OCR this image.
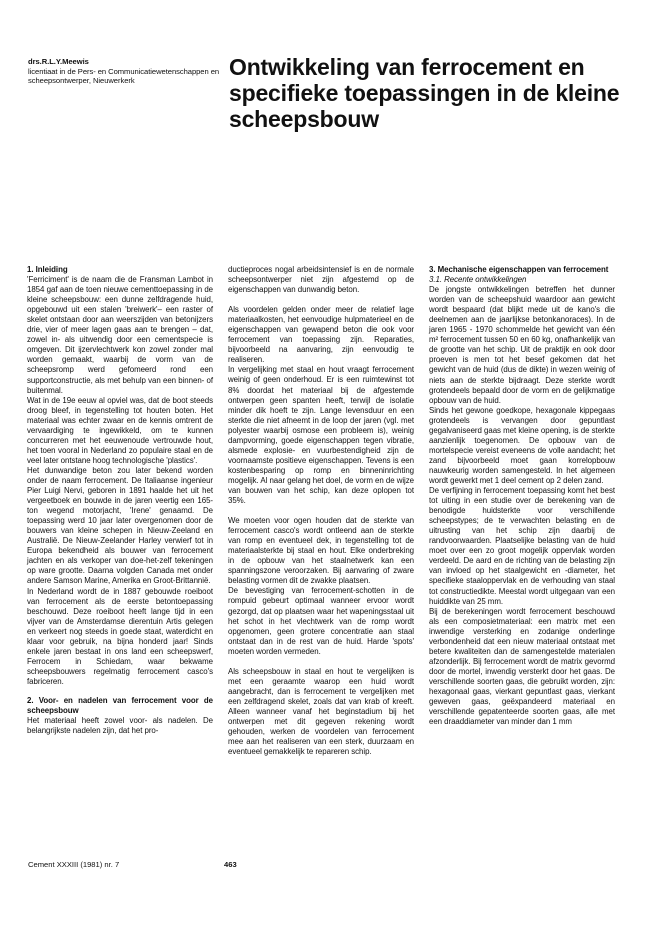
drs.R.L.Y.Meewis
licentiaat in de Pers- en Communicatiewetenschappen en scheepsontwerper, Nieuwerkerk
Ontwikkeling van ferrocement en specifieke toepassingen in de kleine scheepsbouw

1. Inleiding

'Ferriciment' is de naam die de Fransman Lambot in 1854 gaf aan de toen nieuwe cementtoepassing in de kleine scheepsbouw: een dunne zelfdragende huid, opgebouwd uit een stalen 'breiwerk'– een raster of skelet ontstaan door aan weerszijden van betonijzers drie, vier of meer lagen gaas aan te brengen – dat, zowel in- als uitwendig door een cementspecie is omgeven. Dit ijzervlechtwerk kon zowel zonder mal worden gemaakt, waarbij de vorm van de scheepsromp werd gefomeerd rond een supportconstructie, als met behulp van een binnen- of buitenmal.

Wat in de 19e eeuw al opviel was, dat de boot steeds droog bleef, in tegenstelling tot houten boten. Het materiaal was echter zwaar en de kennis omtrent de vervaardiging te ingewikkeld, om te kunnen concurreren met het eeuwenoude vertrouwde hout, het toen vooral in Nederland zo populaire staal en de veel later ontstane hoog technologische 'plastics'.

Het dunwandige beton zou later bekend worden onder de naam ferrocement. De Italiaanse ingenieur Pier Luigi Nervi, geboren in 1891 haalde het uit het vergeetboek en bouwde in de jaren veertig een 165-ton wegend motorjacht, 'Irene' genaamd. De toepassing werd 10 jaar later overgenomen door de bouwers van kleine schepen in Nieuw-Zeeland en Australië. De Nieuw-Zeelander Harley verwierf tot in Europa bekendheid als bouwer van ferrocement jachten en als verkoper van doe-het-zelf tekeningen op ware grootte. Daarna volgden Canada met onder andere Samson Marine, Amerika en Groot-Brittannië.

In Nederland wordt de in 1887 gebouwde roeiboot van ferrocement als de eerste betontoepassing beschouwd. Deze roeiboot heeft lange tijd in een vijver van de Amsterdamse dierentuin Artis gelegen en verkeert nog steeds in goede staat, waterdicht en klaar voor gebruik, na bijna honderd jaar! Sinds enkele jaren bestaat in ons land een scheepswerf, Ferrocem in Schiedam, waar bekwame scheepsbouwers regelmatig ferrocement casco's fabriceren.

2. Voor- en nadelen van ferrocement voor de scheepsbouw

Het materiaal heeft zowel voor- als nadelen. De belangrijkste nadelen zijn, dat het pro-

ductieproces nogal arbeidsintensief is en de normale scheepsontwerper niet zijn afgestemd op de eigenschappen van dunwandig beton.

Als voordelen gelden onder meer de relatief lage materiaalkosten, het eenvoudige hulpmaterieel en de eigenschappen van gewapend beton die ook voor ferrocement van toepassing zijn. Reparaties, bijvoorbeeld na aanvaring, zijn eenvoudig te realiseren.

In vergelijking met staal en hout vraagt ferrocement weinig of geen onderhoud. Er is een ruimtewinst tot 8% doordat het materiaal bij de afgestemde ontwerpen geen spanten heeft, terwijl de isolatie minder dik hoeft te zijn. Lange levensduur en een sterkte die niet afneemt in de loop der jaren (vgl. met polyester waarbij osmose een probleem is), weinig dampvorming, goede eigenschappen tegen vibratie, alsmede explosie- en vuurbestendigheid zijn de voornaamste positieve eigenschappen. Tevens is een kostenbesparing op romp en binneninrichting mogelijk. Al naar gelang het doel, de vorm en de wijze van bouwen van het schip, kan deze oplopen tot 35%.

We moeten voor ogen houden dat de sterkte van ferrocement casco's wordt ontleend aan de sterkte van romp en eventueel dek, in tegenstelling tot de materiaalsterkte bij staal en hout. Elke onderbreking in de opbouw van het staalnetwerk kan een spanningszone veroorzaken. Bij aanvaring of zware belasting vormen dit de zwakke plaatsen.

De bevestiging van ferrocement-schotten in de rompuid gebeurt optimaal wanneer ervoor wordt gezorgd, dat op plaatsen waar het wapeningsstaal uit het schot in het vlechtwerk van de romp wordt opgenomen, geen grotere concentratie aan staal ontstaat dan in de rest van de huid. Harde 'spots' moeten worden vermeden.

Als scheepsbouw in staal en hout te vergelijken is met een geraamte waarop een huid wordt aangebracht, dan is ferrocement te vergelijken met een zelfdragend skelet, zoals dat van krab of kreeft. Alleen wanneer vanaf het beginstadium bij het ontwerpen met dit gegeven rekening wordt gehouden, werken de voordelen van ferrocement mee aan het realiseren van een sterk, duurzaam en eventueel gemakkelijk te repareren schip.

3. Mechanische eigenschappen van ferrocement

3.1. Recente ontwikkelingen

De jongste ontwikkelingen betreffen het dunner worden van de scheepshuid waardoor aan gewicht wordt bespaard (dat blijkt mede uit de kano's die deelnemen aan de jaarlijkse betonkanoraces). In de jaren 1965 - 1970 schommelde het gewicht van één m² ferrocement tussen 50 en 60 kg, onafhankelijk van de grootte van het schip. Uit de praktijk en ook door proeven is men tot het besef gekomen dat het gewicht van de huid (dus de dikte) in wezen weinig of niets aan de sterkte bijdraagt. Deze sterkte wordt grotendeels bepaald door de vorm en de gelijkmatige opbouw van de huid.

Sinds het gewone goedkope, hexagonale kippegaas grotendeels is vervangen door gepuntlast gegalvaniseerd gaas met kleine opening, is de sterkte aanzienlijk toegenomen. De opbouw van de mortelspecie vereist eveneens de volle aandacht; het zand bijvoorbeeld moet gaan korrelopbouw nauwkeurig worden samengesteld. In het algemeen wordt gewerkt met 1 deel cement op 2 delen zand.

De verfijning in ferrocement toepassing komt het best tot uiting in een studie over de berekening van de benodigde huidsterkte voor verschillende scheepstypes; de te verwachten belasting en de uitrusting van het schip zijn daarbij de randvoorwaarden. Plaatselijke belasting van de huid moet over een zo groot mogelijk oppervlak worden verdeeld. De aard en de richting van de belasting zijn van invloed op het staalgewicht en -diameter, het specifieke staaloppervlak en de verhouding van staal tot constructiedikte. Meestal wordt uitgegaan van een huiddikte van 25 mm.

Bij de berekeningen wordt ferrocement beschouwd als een composietmateriaal: een matrix met een inwendige versterking en zodanige onderlinge verbondenheid dat een nieuw materiaal ontstaat met betere kwaliteiten dan de samengestelde materialen afzonderlijk. Bij ferrocement wordt de matrix gevormd door de mortel, inwendig versterkt door het gaas. De verschillende soorten gaas, die gebruikt worden, zijn: hexagonaal gaas, vierkant gepuntlast gaas, vierkant geweven gaas, geëxpandeerd materiaal en verschillende gepatenteerde soorten gaas, alle met een draaddiameter van minder dan 1 mm

Cement XXXIII (1981) nr. 7	463
